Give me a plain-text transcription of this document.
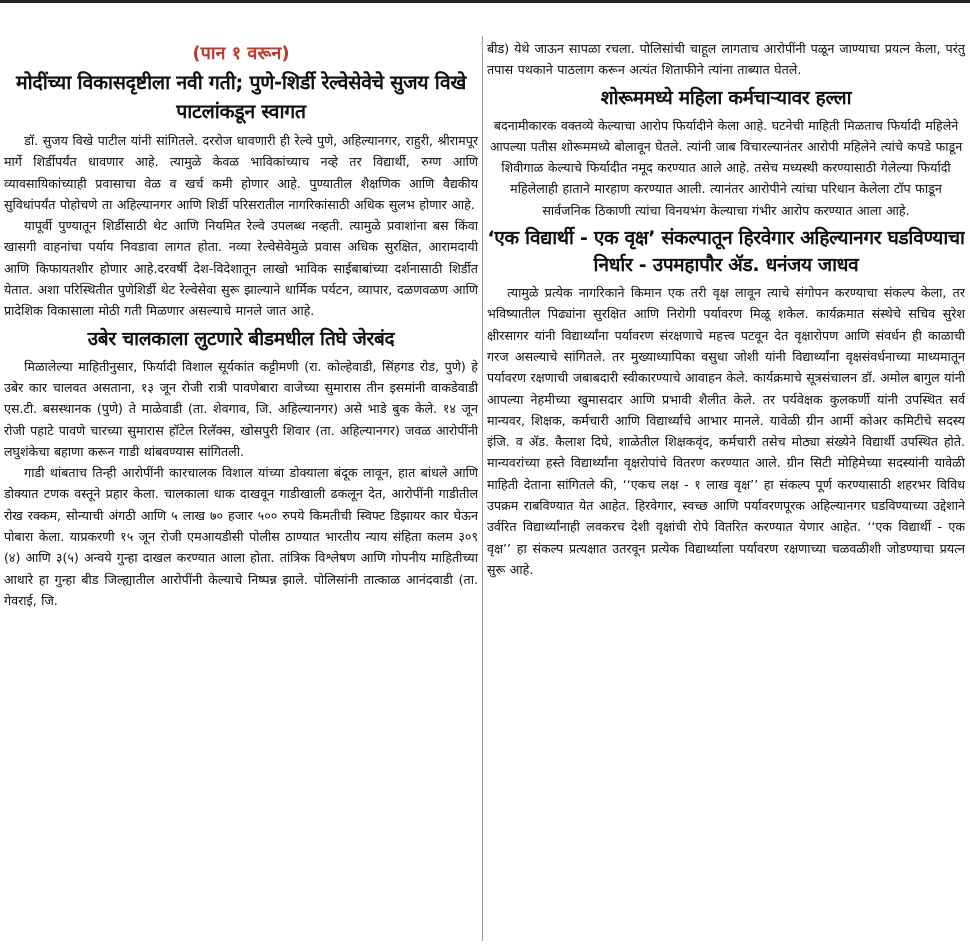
(पान १ वरून)
मोदींच्या विकासदृष्टीला नवी गती; पुणे-शिर्डी रेल्वेसेवेचे सुजय विखे पाटलांकडून स्वागत

डॉ. सुजय विखे पाटील यांनी सांगितले. दररोज धावणारी ही रेल्वे पुणे, अहिल्यानगर, राहुरी, श्रीरामपूर मार्गे शिर्डीपर्यंत धावणार आहे. त्यामुळे केवळ भाविकांच्याच नव्हे तर विद्यार्थी, रुग्ण आणि व्यावसायिकांच्याही प्रवासाचा वेळ व खर्च कमी होणार आहे. पुण्यातील शैक्षणिक आणि वैद्यकीय सुविधांपर्यंत पोहोचणे ता अहिल्यानगर आणि शिर्डी परिसरातील नागरिकांसाठी अधिक सुलभ होणार आहे.

यापूर्वी पुण्यातून शिर्डीसाठी थेट आणि नियमित रेल्वे उपलब्ध नव्हती. त्यामुळे प्रवाशांना बस किंवा खासगी वाहनांचा पर्याय निवडावा लागत होता. नव्या रेल्वेसेवेमुळे प्रवास अधिक सुरक्षित, आरामदायी आणि किफायतशीर होणार आहे.दरवर्षी देश-विदेशातून लाखो भाविक साईबाबांच्या दर्शनासाठी शिर्डीत येतात. अशा परिस्थितीत पुणेशिर्डी थेट रेल्वेसेवा सुरू झाल्याने धार्मिक पर्यटन, व्यापार, दळणवळण आणि प्रादेशिक विकासाला मोठी गती मिळणार असल्याचे मानले जात आहे.

उबेर चालकाला लुटणारे बीडमधील तिघे जेरबंद

मिळालेल्या माहितीनुसार, फिर्यादी विशाल सूर्यकांत कट्टीमणी (रा. कोल्हेवाडी, सिंहगड रोड, पुणे) हे उबेर कार चालवत असताना, १३ जून रोजी रात्री पावणेबारा वाजेच्या सुमारास तीन इसमांनी वाकडेवाडी एस.टी. बसस्थानक (पुणे) ते माळेवाडी (ता. शेवगाव, जि. अहिल्यानगर) असे भाडे बुक केले. १४ जून रोजी पहाटे पावणे चारच्या सुमारास हॉटेल रिलॅक्स, खोसपुरी शिवार (ता. अहिल्यानगर) जवळ आरोपींनी लघुशंकेचा बहाणा करून गाडी थांबवण्यास सांगितली.

गाडी थांबताच तिन्ही आरोपींनी कारचालक विशाल यांच्या डोक्याला बंदूक लावून, हात बांधले आणि डोक्यात टणक वस्तूने प्रहार केला. चालकाला धाक दाखवून गाडीखाली ढकलून देत, आरोपींनी गाडीतील रोख रक्कम, सोन्याची अंगठी आणि ५ लाख ७० हजार ५०० रुपये किमतीची स्विफ्ट डिझायर कार घेऊन पोबारा केला. याप्रकरणी १५ जून रोजी एमआयडीसी पोलीस ठाण्यात भारतीय न्याय संहिता कलम ३०९ (४) आणि ३(५) अन्वये गुन्हा दाखल करण्यात आला होता. तांत्रिक विश्लेषण आणि गोपनीय माहितीच्या आधारे हा गुन्हा बीड जिल्ह्यातील आरोपींनी केल्याचे निष्पन्न झाले. पोलिसांनी तात्काळ आनंदवाडी (ता. गेवराई, जि.

बीड) येथे जाऊन सापळा रचला. पोलिसांची चाहूल लागताच आरोपींनी पळून जाण्याचा प्रयत्न केला, परंतु तपास पथकाने पाठलाग करून अत्यंत शिताफीने त्यांना ताब्यात घेतले.

शोरूममध्ये महिला कर्मचाऱ्यावर हल्ला

बदनामीकारक वक्तव्ये केल्याचा आरोप फिर्यादीने केला आहे. घटनेची माहिती मिळताच फिर्यादी महिलेने आपल्या पतीस शोरूममध्ये बोलावून घेतले. त्यांनी जाब विचारल्यानंतर आरोपी महिलेने त्यांचे कपडे फाडून शिवीगाळ केल्याचे फिर्यादीत नमूद करण्यात आले आहे. तसेच मध्यस्थी करण्यासाठी गेलेल्या फिर्यादी महिलेलाही हाताने मारहाण करण्यात आली. त्यानंतर आरोपीने त्यांचा परिधान केलेला टॉप फाडून सार्वजनिक ठिकाणी त्यांचा विनयभंग केल्याचा गंभीर आरोप करण्यात आला आहे.

‘एक विद्यार्थी - एक वृक्ष’ संकल्पातून हिरवेगार अहिल्यानगर घडविण्याचा निर्धार - उपमहापौर ॲड. धनंजय जाधव

त्यामुळे प्रत्येक नागरिकाने किमान एक तरी वृक्ष लावून त्याचे संगोपन करण्याचा संकल्प केला, तर भविष्यातील पिढ्यांना सुरक्षित आणि निरोगी पर्यावरण मिळू शकेल. कार्यक्रमात संस्थेचे सचिव सुरेश क्षीरसागर यांनी विद्यार्थ्यांना पर्यावरण संरक्षणाचे महत्त्व पटवून देत वृक्षारोपण आणि संवर्धन ही काळाची गरज असल्याचे सांगितले. तर मुख्याध्यापिका वसुधा जोशी यांनी विद्यार्थ्यांना वृक्षसंवर्धनाच्या माध्यमातून पर्यावरण रक्षणाची जबाबदारी स्वीकारण्याचे आवाहन केले. कार्यक्रमाचे सूत्रसंचालन डॉ. अमोल बागुल यांनी आपल्या नेहमीच्या खुमासदार आणि प्रभावी शैलीत केले. तर पर्यवेक्षक कुलकर्णी यांनी उपस्थित सर्व मान्यवर, शिक्षक, कर्मचारी आणि विद्यार्थ्यांचे आभार मानले. यावेळी ग्रीन आर्मी कोअर कमिटीचे सदस्य इंजि. व ॲड. कैलाश दिघे, शाळेतील शिक्षकवृंद, कर्मचारी तसेच मोठ्या संख्येने विद्यार्थी उपस्थित होते. मान्यवरांच्या हस्ते विद्यार्थ्यांना वृक्षरोपांचे वितरण करण्यात आले. ग्रीन सिटी मोहिमेच्या सदस्यांनी यावेळी माहिती देताना सांगितले की, ‘‘एकच लक्ष - १ लाख वृक्ष’’ हा संकल्प पूर्ण करण्यासाठी शहरभर विविध उपक्रम राबविण्यात येत आहेत. हिरवेगार, स्वच्छ आणि पर्यावरणपूरक अहिल्यानगर घडविण्याच्या उद्देशाने उर्वरित विद्यार्थ्यांनाही लवकरच देशी वृक्षांची रोपे वितरित करण्यात येणार आहेत. ‘‘एक विद्यार्थी - एक वृक्ष’’ हा संकल्प प्रत्यक्षात उतरवून प्रत्येक विद्यार्थ्याला पर्यावरण रक्षणाच्या चळवळीशी जोडण्याचा प्रयत्न सुरू आहे.
